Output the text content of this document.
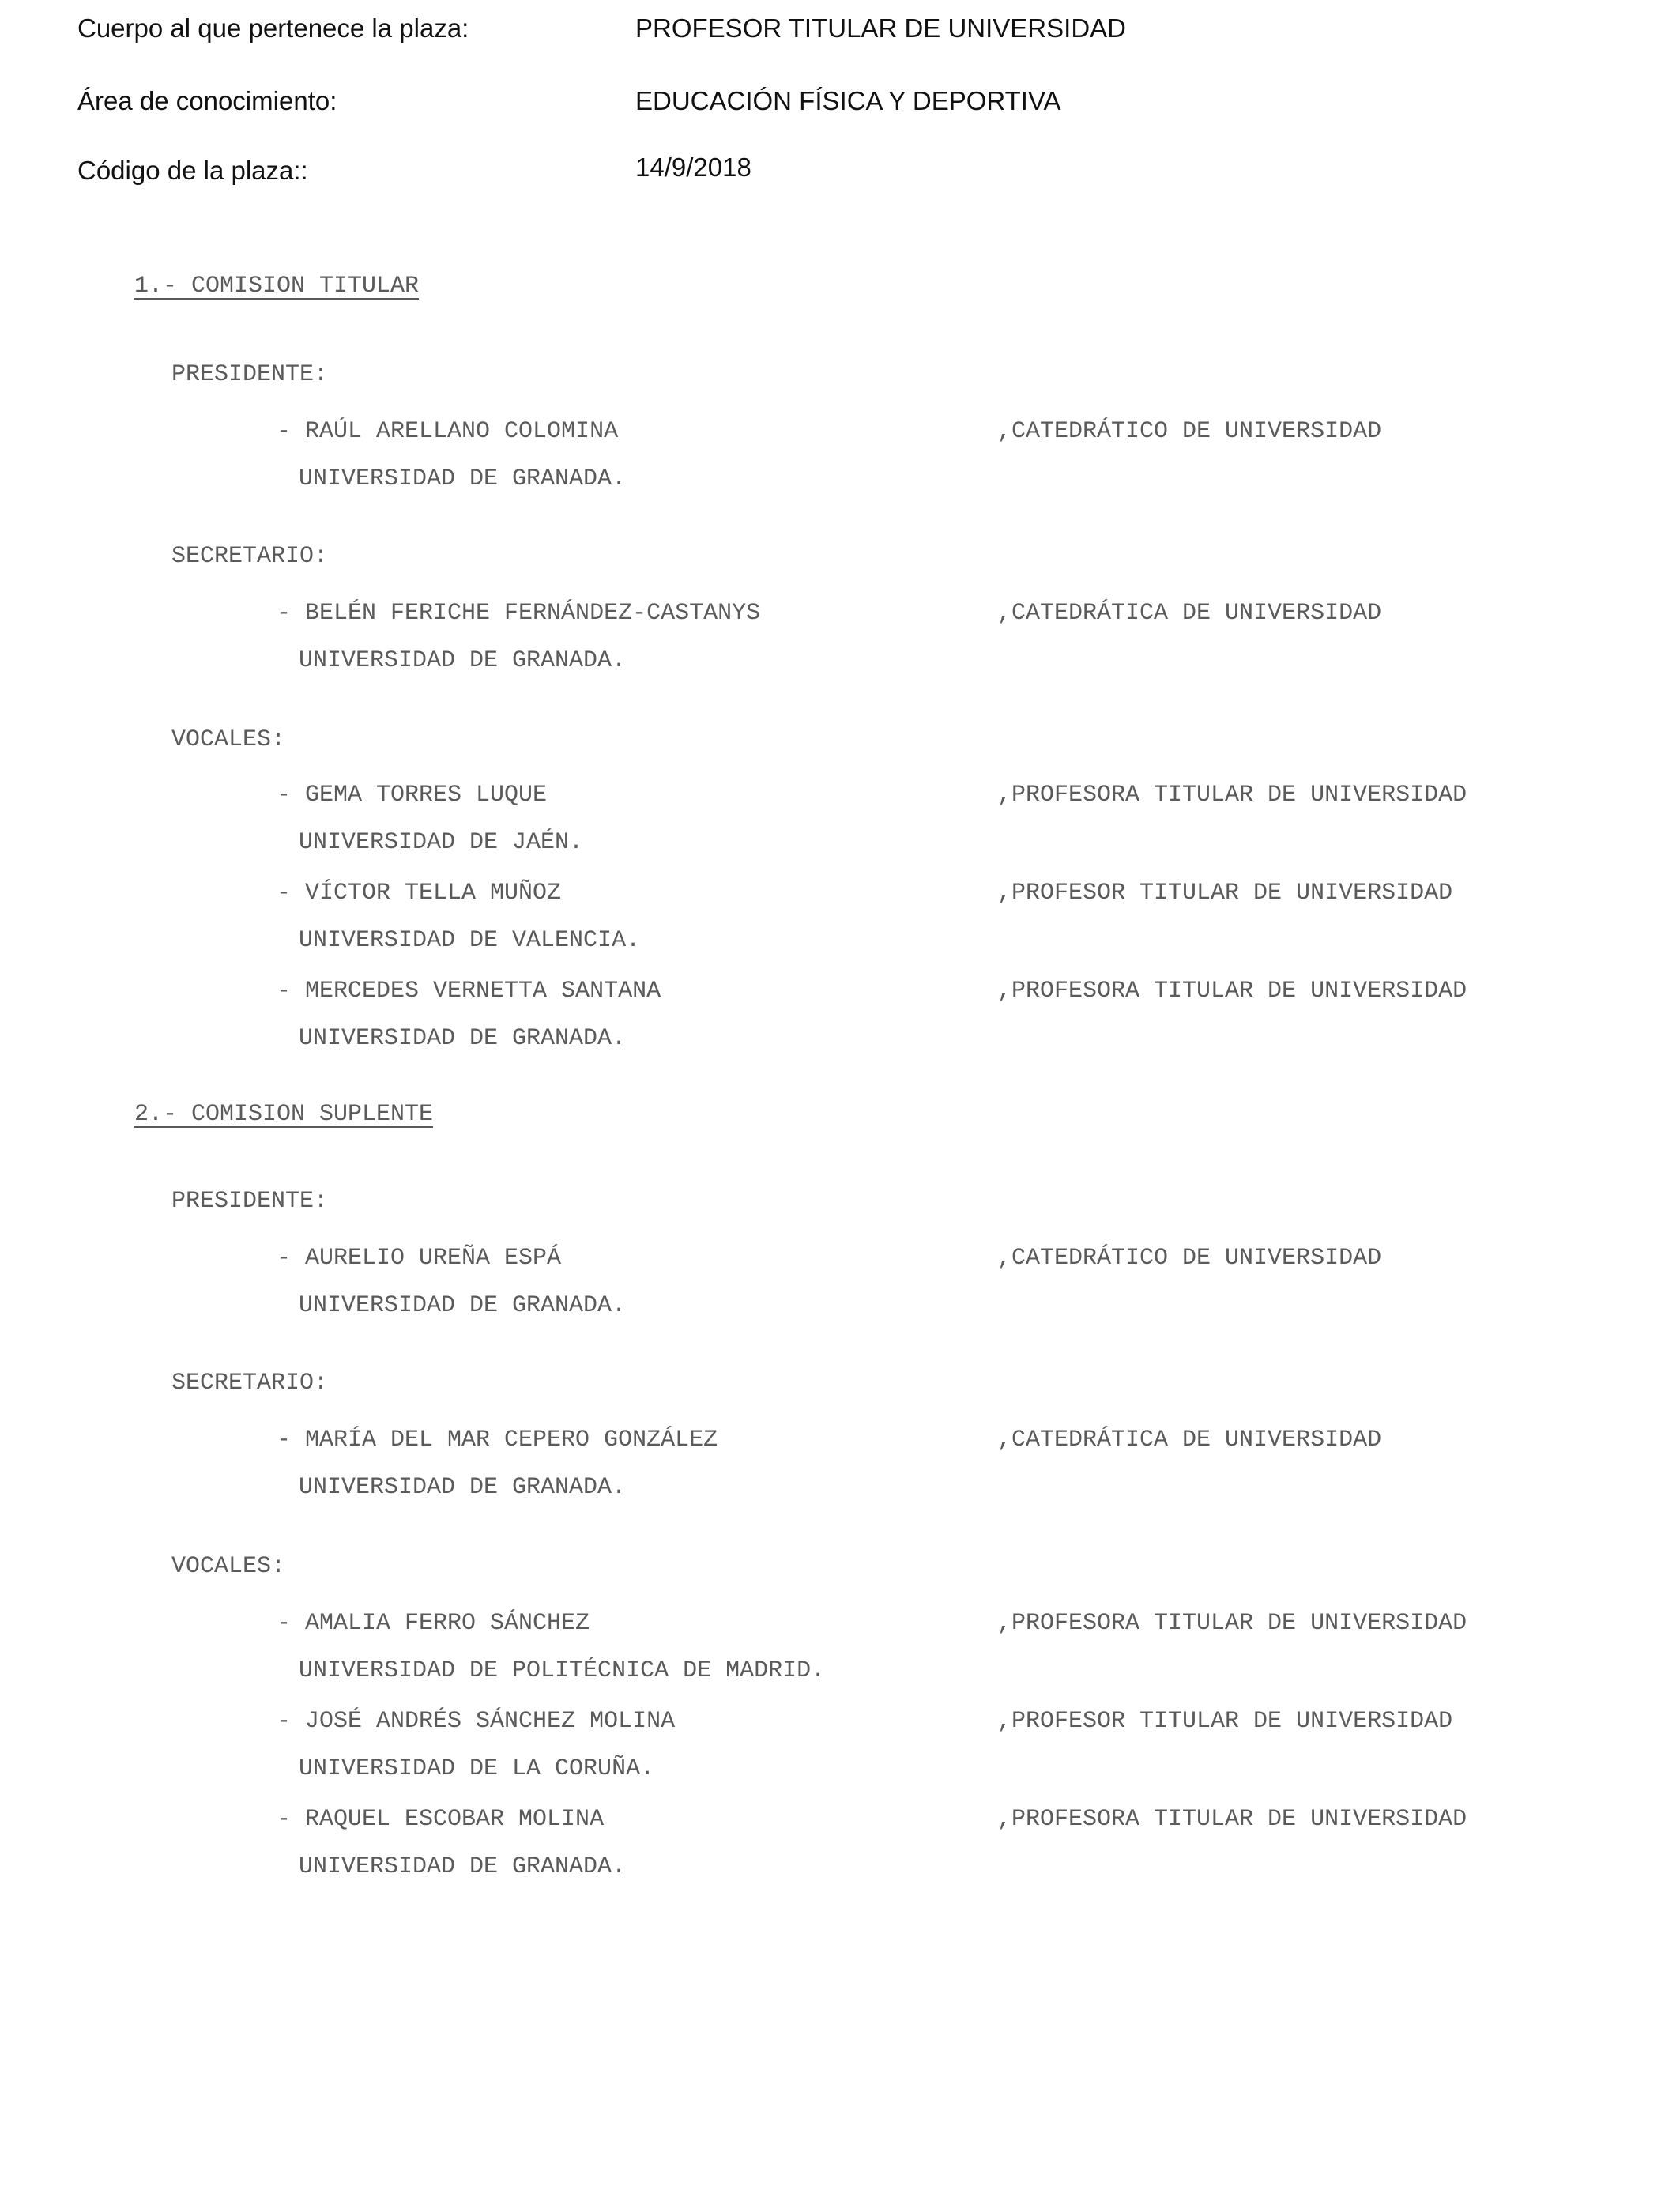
Cuerpo al que pertenece la plaza:	PROFESOR TITULAR DE UNIVERSIDAD
Área de conocimiento:	EDUCACIÓN FÍSICA Y DEPORTIVA
Código de la plaza::	14/9/2018
1.- COMISION TITULAR
PRESIDENTE:
- RAÚL ARELLANO COLOMINA	,CATEDRÁTICO DE UNIVERSIDAD
UNIVERSIDAD DE GRANADA.
SECRETARIO:
- BELÉN FERICHE FERNÁNDEZ-CASTANYS	,CATEDRÁTICA DE UNIVERSIDAD
UNIVERSIDAD DE GRANADA.
VOCALES:
- GEMA TORRES LUQUE	,PROFESORA TITULAR DE UNIVERSIDAD
UNIVERSIDAD DE JAÉN.
- VÍCTOR TELLA MUÑOZ	,PROFESOR TITULAR DE UNIVERSIDAD
UNIVERSIDAD DE VALENCIA.
- MERCEDES VERNETTA SANTANA	,PROFESORA TITULAR DE UNIVERSIDAD
UNIVERSIDAD DE GRANADA.
2.- COMISION SUPLENTE
PRESIDENTE:
- AURELIO UREÑA ESPÁ	,CATEDRÁTICO DE UNIVERSIDAD
UNIVERSIDAD DE GRANADA.
SECRETARIO:
- MARÍA DEL MAR CEPERO GONZÁLEZ	,CATEDRÁTICA DE UNIVERSIDAD
UNIVERSIDAD DE GRANADA.
VOCALES:
- AMALIA FERRO SÁNCHEZ	,PROFESORA TITULAR DE UNIVERSIDAD
UNIVERSIDAD DE POLITÉCNICA DE MADRID.
- JOSÉ ANDRÉS SÁNCHEZ MOLINA	,PROFESOR TITULAR DE UNIVERSIDAD
UNIVERSIDAD DE LA CORUÑA.
- RAQUEL ESCOBAR MOLINA	,PROFESORA TITULAR DE UNIVERSIDAD
UNIVERSIDAD DE GRANADA.
